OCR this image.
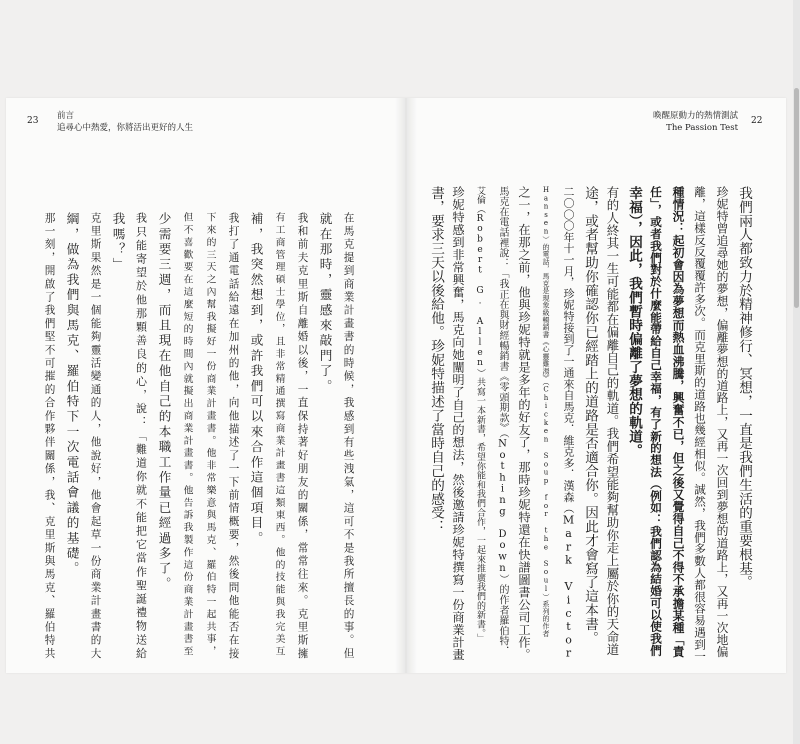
23 前言
追尋心中熱愛，你將活出更好的人生
喚醒原動力的熱情測試
The Passion Test
22
我們兩人都致力於精神修行、冥想，一直是我們生活的重要根基。
珍妮特曾追尋她的夢想，偏離夢想的道路上，又再一次回到夢想的道路上，又再一次地偏
離，這樣反反覆覆許多次。而克里斯的道路也幾經相似。誠然，我們多數人都很容易遇到一
種情況：起初會因為夢想而熱血沸騰，興奮不已，但之後又覺得自己不得不承擔某種「責
任」，或者我們對於什麼能帶給自己幸福，有了新的想法（例如：我們認為結婚可以使我們
幸福），因此，我們暫時偏離了夢想的軌道。
有的人終其一生可能都在偏離自己的軌道。我們希望能夠幫助你走上屬於你的天命道
途，或者幫助你確認你已經踏上的道路是否適合你。因此才會寫了這本書。
二〇〇〇年十一月，珍妮特接到了一通來自馬克．維克多．漢森（Mark Victor
Hansen）的電話，馬克是現象級暢銷書《心靈雞湯》（Chicken Soup for the Soul）系列的作者
之一，在那之前，他與珍妮特就是多年的好友了，那時珍妮特還在快譜圖書公司工作。
馬克在電話裡說：「我正在與財經暢銷書《零頭期款》（Nothing Down）的作者羅伯特．
艾倫（Robert G. Allen）共寫一本新書，希望你能和我們合作，一起來推廣我們的新書。」
珍妮特感到非常興奮，馬克向她闡明了自己的想法，然後邀請珍妮特撰寫一份商業計畫
書，要求三天以後給他。珍妮特描述了當時自己的感受：
在馬克提到商業計畫書的時候，我感到有些洩氣，這可不是我所擅長的事。但
就在那時，靈感來敲門了。
我和前夫克里斯自離婚以後，一直保持著好朋友的關係，常常往來。克里斯擁
有工商管理碩士學位，且非常精通撰寫商業計畫書這類東西。他的技能與我完美互
補，我突然想到，或許我們可以來合作這個項目。
我打了通電話給遠在加州的他，向他描述了一下前情概要，然後問他能否在接
下來的三天之內幫我擬好一份商業計畫書。他非常樂意與馬克、羅伯特一起共事，
但不喜歡要在這麼短的時間內就擬出商業計畫書。他告訴我製作這份商業計畫書至
少需要三週，而且現在他自己的本職工作量已經過多了。
我只能寄望於他那顆善良的心，說：「難道你就不能把它當作聖誕禮物送給
我嗎？」
克里斯果然是一個能夠靈活變通的人，他說好，他會起草一份商業計畫書的大
綱，做為我們與馬克、羅伯特下一次電話會議的基礎。
那一刻，開啟了我們堅不可摧的合作夥伴關係，我、克里斯與馬克、羅伯特共
